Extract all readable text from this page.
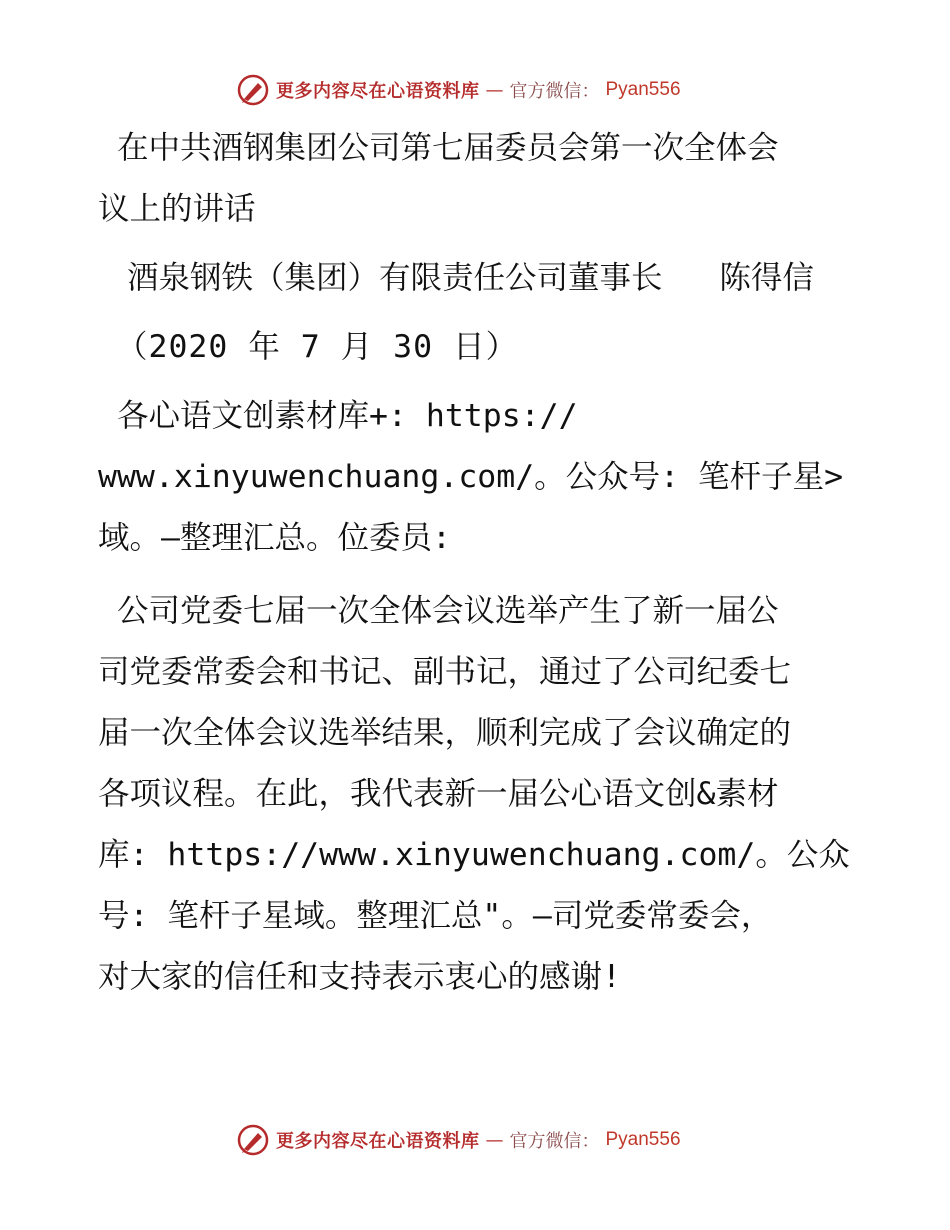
更多内容尽在心语资料库 — 官方微信： Pyan556

在中共酒钢集团公司第七届委员会第一次全体会
议上的讲话

酒泉钢铁（集团）有限责任公司董事长   陈得信

（2020 年 7 月 30 日）

各心语文创素材库+: https://
www.xinyuwenchuang.com/。公众号: 笔杆子星>
域。—整理汇总。位委员:

公司党委七届一次全体会议选举产生了新一届公
司党委常委会和书记、副书记，通过了公司纪委七
届一次全体会议选举结果，顺利完成了会议确定的
各项议程。在此，我代表新一届公心语文创&素材
库: https://www.xinyuwenchuang.com/。公众
号: 笔杆子星域。整理汇总"。—司党委常委会，
对大家的信任和支持表示衷心的感谢!

更多内容尽在心语资料库 — 官方微信： Pyan556
